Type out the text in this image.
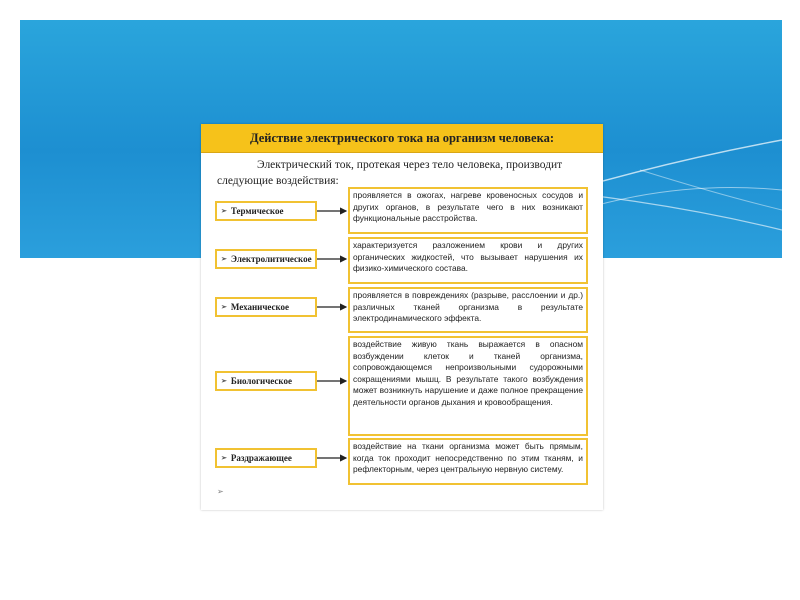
Действие электрического тока на организм человека:
Электрический ток, протекая через тело человека, производит следующие воздействия:
➢ Термическое
проявляется в ожогах, нагреве кровеносных сосудов и других органов, в результате чего в них возникают функциональные расстройства.
➢ Электролитическое
характеризуется разложением крови и других органических жидкостей, что вызывает нарушения их физико-химического состава.
➢ Механическое
проявляется в повреждениях (разрыве, расслоении и др.) различных тканей организма в результате электродинамического эффекта.
➢ Биологическое
воздействие живую ткань выражается в опасном возбуждении клеток и тканей организма, сопровождающемся непроизвольными судорожными сокращениями мышц. В результате такого возбуждения может возникнуть нарушение и даже полное прекращение деятельности органов дыхания и кровообращения.
➢ Раздражающее
воздействие на ткани организма может быть прямым, когда ток проходит непосредственно по этим тканям, и рефлекторным, через центральную нервную систему.
➢
